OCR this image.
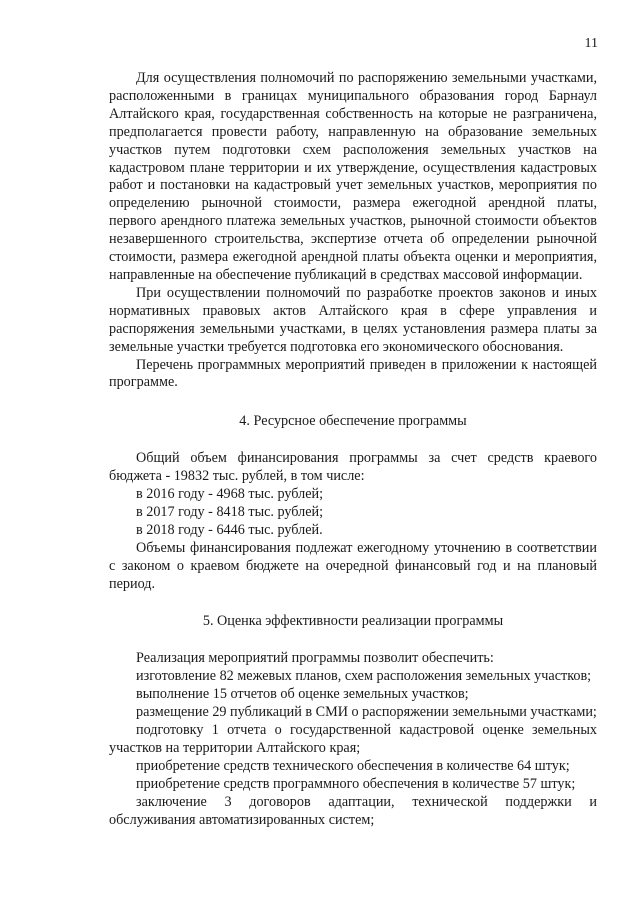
11

Для осуществления полномочий по распоряжению земельными участками, расположенными в границах муниципального образования город Барнаул Алтайского края, государственная собственность на которые не разграничена, предполагается провести работу, направленную на образование земельных участков путем подготовки схем расположения земельных участков на кадастровом плане территории и их утверждение, осуществления кадастровых работ и постановки на кадастровый учет земельных участков, мероприятия по определению рыночной стоимости, размера ежегодной арендной платы, первого арендного платежа земельных участков, рыночной стоимости объектов незавершенного строительства, экспертизе отчета об определении рыночной стоимости, размера ежегодной арендной платы объекта оценки и мероприятия, направленные на обеспечение публикаций в средствах массовой информации.

При осуществлении полномочий по разработке проектов законов и иных нормативных правовых актов Алтайского края в сфере управления и распоряжения земельными участками, в целях установления размера платы за земельные участки требуется подготовка его экономического обоснования.

Перечень программных мероприятий приведен в приложении к настоящей программе.

4. Ресурсное обеспечение программы

Общий объем финансирования программы за счет средств краевого бюджета - 19832 тыс. рублей, в том числе:

в 2016 году - 4968 тыс. рублей;

в 2017 году - 8418 тыс. рублей;

в 2018 году - 6446 тыс. рублей.

Объемы финансирования подлежат ежегодному уточнению в соответствии с законом о краевом бюджете на очередной финансовый год и на плановый период.

5. Оценка эффективности реализации программы

Реализация мероприятий программы позволит обеспечить:

изготовление 82 межевых планов, схем расположения земельных участков;

выполнение 15 отчетов об оценке земельных участков;

размещение 29 публикаций в СМИ о распоряжении земельными участками;

подготовку 1 отчета о государственной кадастровой оценке земельных участков на территории Алтайского края;

приобретение средств технического обеспечения в количестве 64 штук;

приобретение средств программного обеспечения в количестве 57 штук;

заключение 3 договоров адаптации, технической поддержки и обслуживания автоматизированных систем;
